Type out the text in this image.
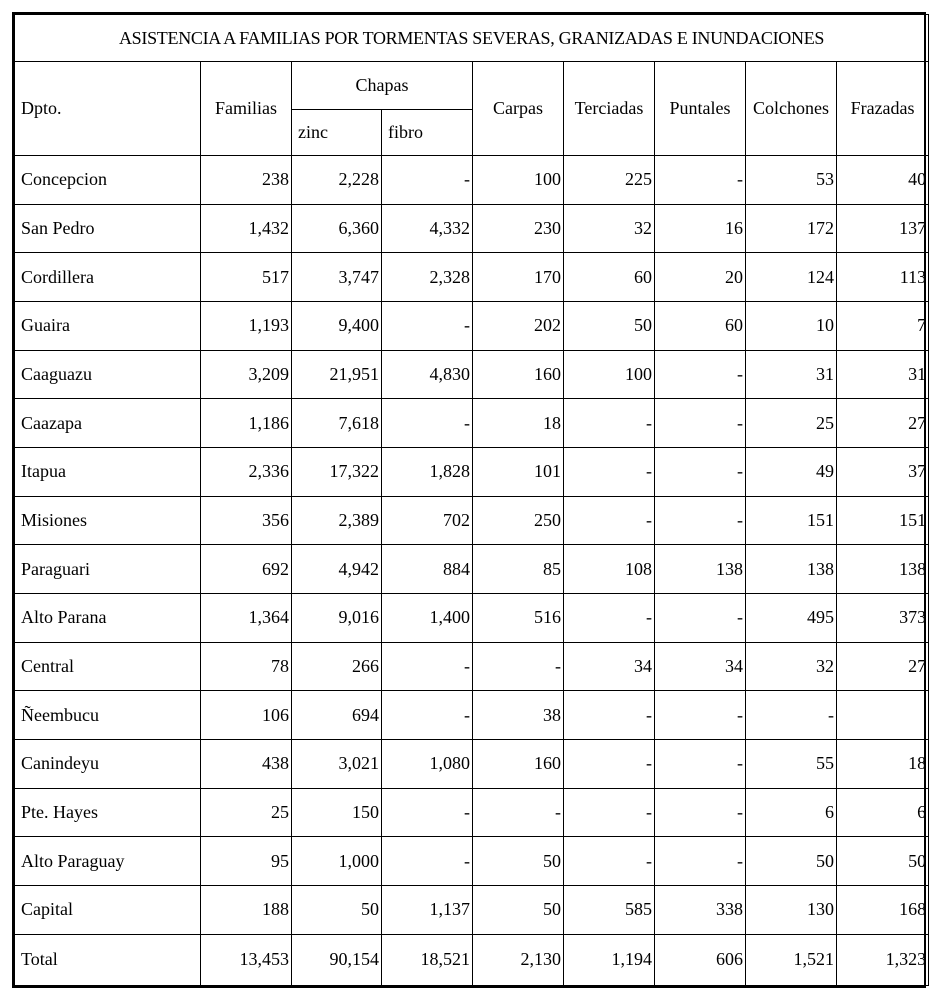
ASISTENCIA A FAMILIAS POR TORMENTAS SEVERAS, GRANIZADAS E INUNDACIONES								
Dpto.	Familias	Chapas		Carpas	Terciadas	Puntales	Colchones	Frazadas
		zinc	fibro					
Concepcion	238	2,228	-	100	225	-	53	40
San Pedro	1,432	6,360	4,332	230	32	16	172	137
Cordillera	517	3,747	2,328	170	60	20	124	113
Guaira	1,193	9,400	-	202	50	60	10	7
Caaguazu	3,209	21,951	4,830	160	100	-	31	31
Caazapa	1,186	7,618	-	18	-	-	25	27
Itapua	2,336	17,322	1,828	101	-	-	49	37
Misiones	356	2,389	702	250	-	-	151	151
Paraguari	692	4,942	884	85	108	138	138	138
Alto Parana	1,364	9,016	1,400	516	-	-	495	373
Central	78	266	-	-	34	34	32	27
Ñeembucu	106	694	-	38	-	-	-	
Canindeyu	438	3,021	1,080	160	-	-	55	18
Pte. Hayes	25	150	-	-	-	-	6	6
Alto Paraguay	95	1,000	-	50	-	-	50	50
Capital	188	50	1,137	50	585	338	130	168
Total	13,453	90,154	18,521	2,130	1,194	606	1,521	1,323
